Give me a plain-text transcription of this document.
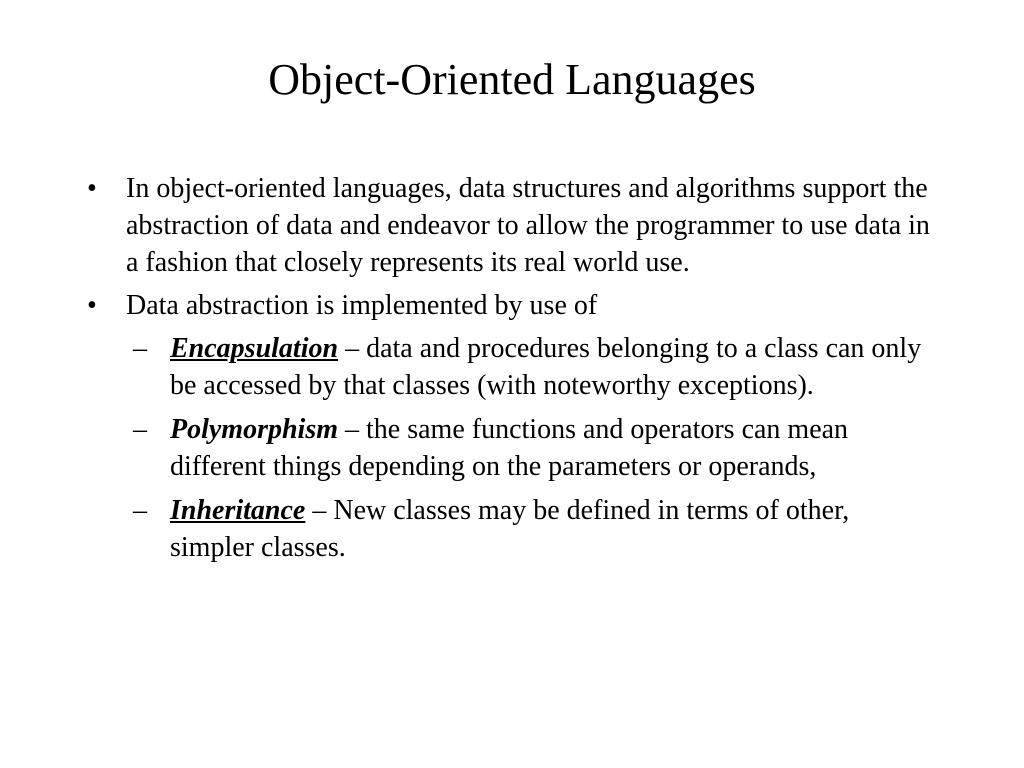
Object-Oriented Languages
• In object-oriented languages, data structures and algorithms support the abstraction of data and endeavor to allow the programmer to use data in a fashion that closely represents its real world use.
• Data abstraction is implemented by use of
– Encapsulation – data and procedures belonging to a class can only be accessed by that classes (with noteworthy exceptions).
– Polymorphism – the same functions and operators can mean different things depending on the parameters or operands,
– Inheritance – New classes may be defined in terms of other, simpler classes.
